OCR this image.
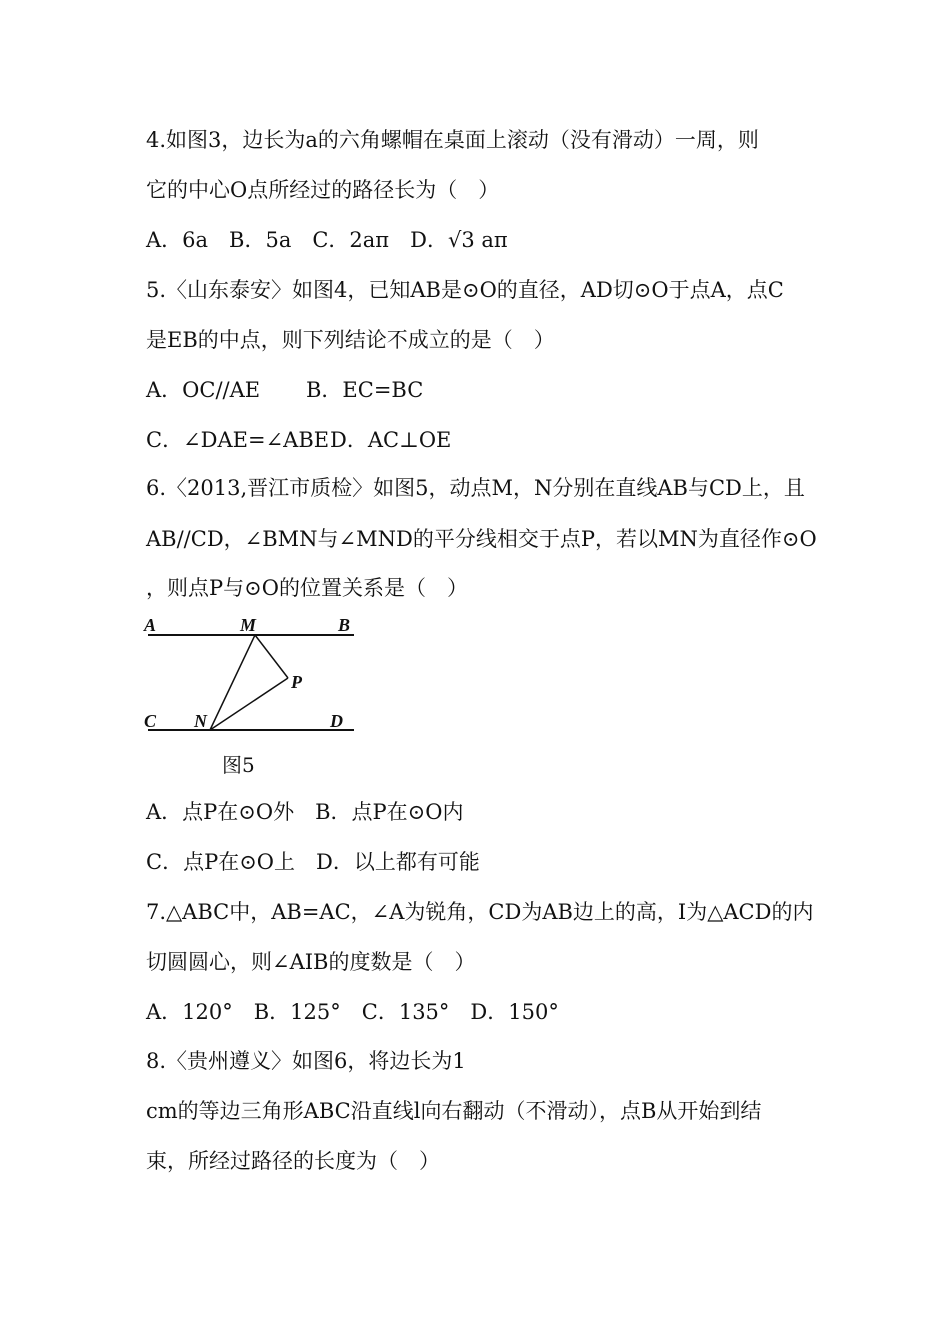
4.如图3，边长为a的六角螺帽在桌面上滚动（没有滑动）一周，则
它的中心O点所经过的路径长为（　）
A．6a　B．5a　C．2aπ　D．√3 aπ
5.〈山东泰安〉如图4，已知AB是⊙O的直径，AD切⊙O于点A，点C
是EB的中点，则下列结论不成立的是（　）
A．OC//AE B．EC=BC
C．∠DAE=∠ABE D．AC⊥OE
6.〈2013,晋江市质检〉如图5，动点M，N分别在直线AB与CD上，且
AB//CD，∠BMN与∠MND的平分线相交于点P，若以MN为直径作⊙O
，则点P与⊙O的位置关系是（　）
A	M	B
P
C N	D
图5
A．点P在⊙O外　B．点P在⊙O内
C．点P在⊙O上　D．以上都有可能
7.△ABC中，AB=AC，∠A为锐角，CD为AB边上的高，I为△ACD的内
切圆圆心，则∠AIB的度数是（　）
A．120°　B．125°　C．135°　D．150°
8.〈贵州遵义〉如图6，将边长为1
cm的等边三角形ABC沿直线l向右翻动（不滑动），点B从开始到结
束，所经过路径的长度为（　）
